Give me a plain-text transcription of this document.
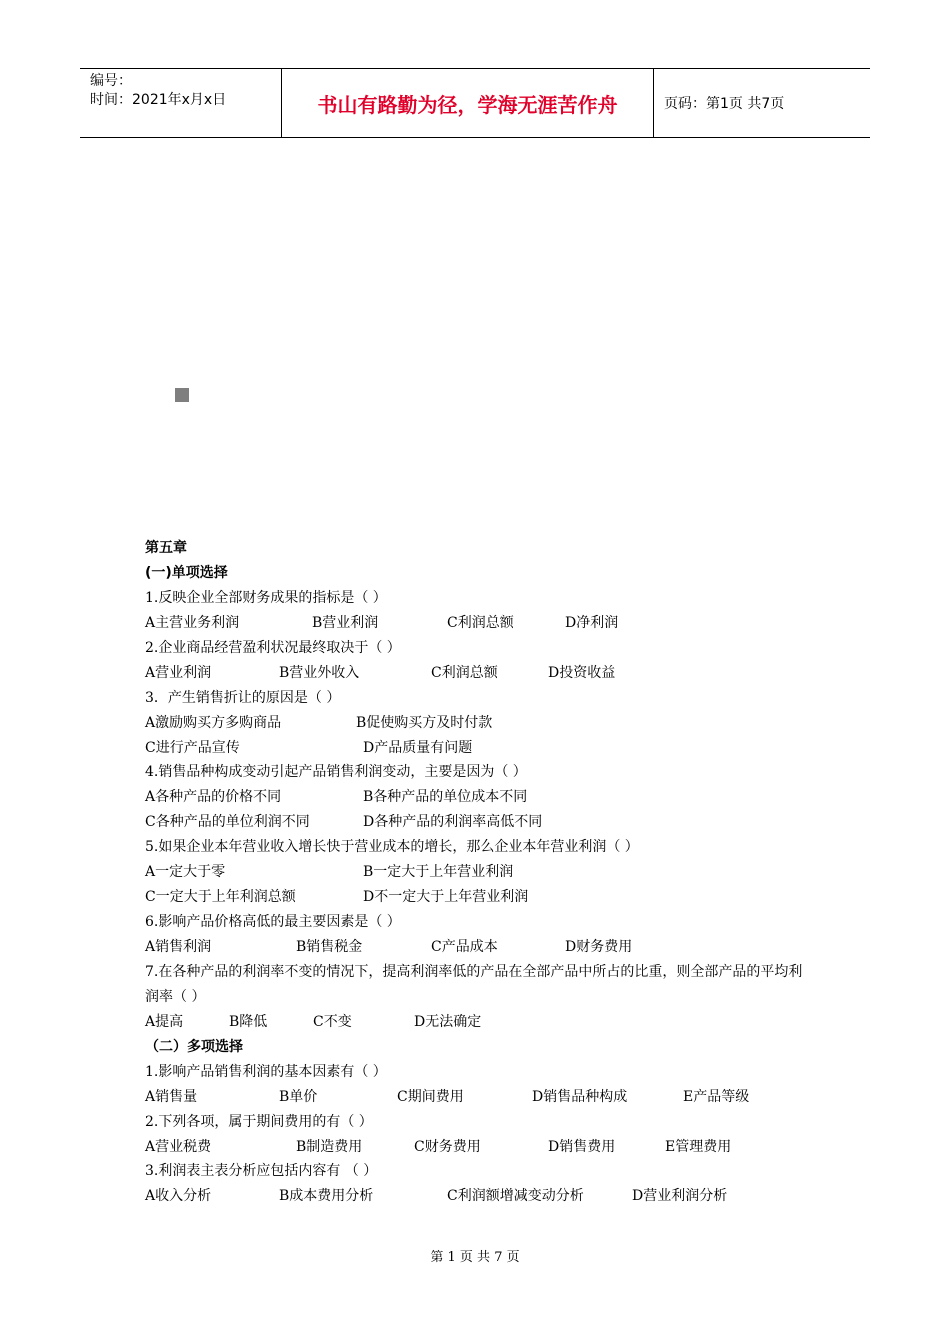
编号：
时间：2021年x月x日	书山有路勤为径，学海无涯苦作舟	页码：第1页 共7页
第五章
(一)单项选择
1.反映企业全部财务成果的指标是（ ）
A主营业务利润	B营业利润	C利润总额	D净利润
2.企业商品经营盈利状况最终取决于（ ）
A营业利润	B营业外收入	C利润总额	D投资收益
3．产生销售折让的原因是（ ）
A激励购买方多购商品	B促使购买方及时付款
C进行产品宣传	D产品质量有问题
4.销售品种构成变动引起产品销售利润变动，主要是因为（ ）
A各种产品的价格不同	B各种产品的单位成本不同
C各种产品的单位利润不同	D各种产品的利润率高低不同
5.如果企业本年营业收入增长快于营业成本的增长，那么企业本年营业利润（ ）
A一定大于零	B一定大于上年营业利润
C一定大于上年利润总额	D不一定大于上年营业利润
6.影响产品价格高低的最主要因素是（ ）
A销售利润	B销售税金	C产品成本	D财务费用
7.在各种产品的利润率不变的情况下，提高利润率低的产品在全部产品中所占的比重，则全部产品的平均利润率（ ）
A提高	B降低	C不变	D无法确定
（二）多项选择
1.影响产品销售利润的基本因素有（ ）
A销售量	B单价	C期间费用	D销售品种构成	E产品等级
2.下列各项，属于期间费用的有（ ）
A营业税费	B制造费用	C财务费用	D销售费用	E管理费用
3.利润表主表分析应包括内容有 （ ）
A收入分析	B成本费用分析	C利润额增减变动分析	D营业利润分析
第 1 页 共 7 页
